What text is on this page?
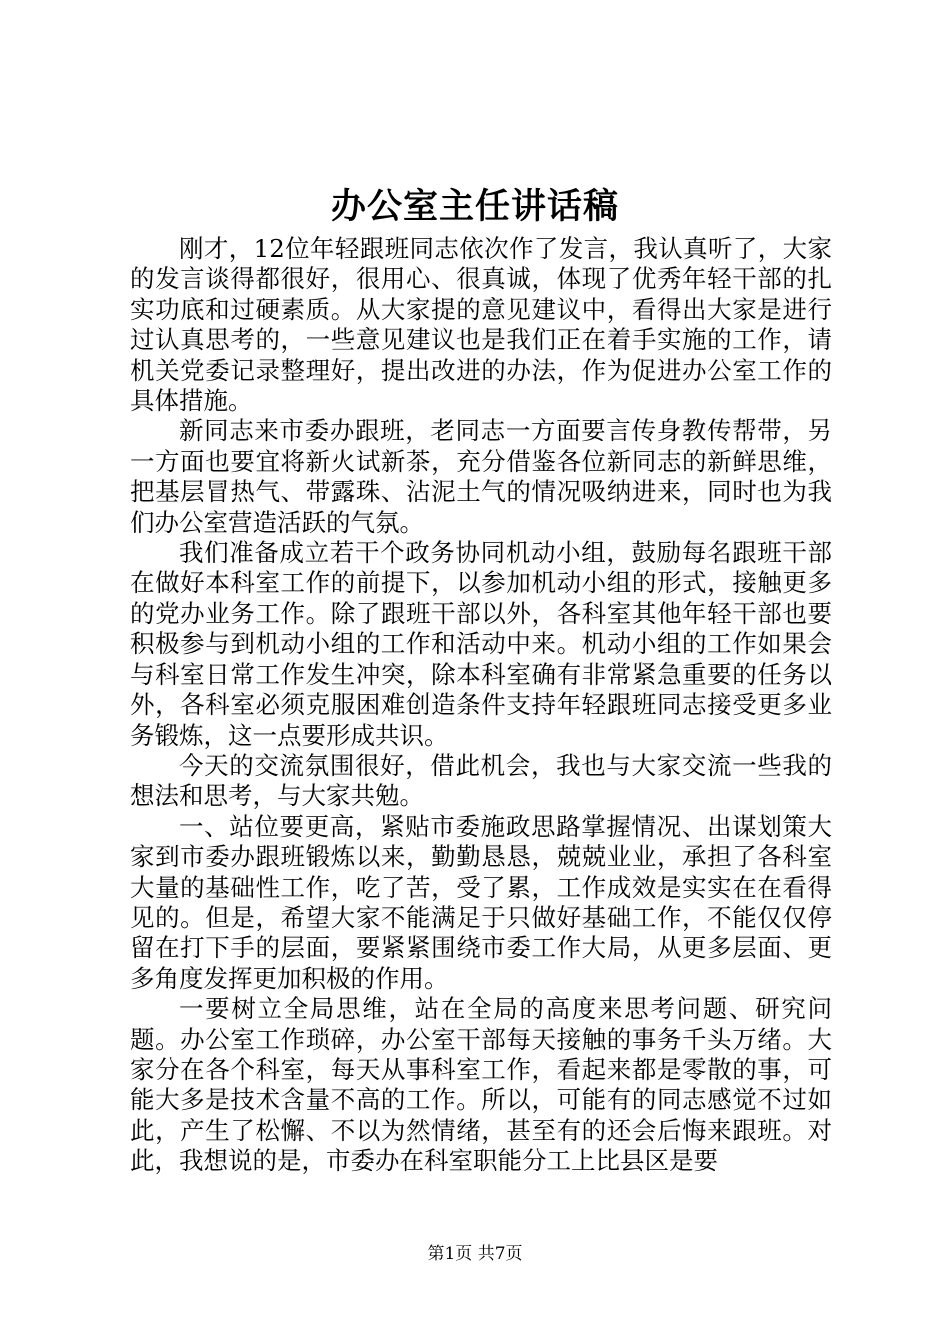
办公室主任讲话稿

刚才，12位年轻跟班同志依次作了发言，我认真听了，大家的发言谈得都很好，很用心、很真诚，体现了优秀年轻干部的扎实功底和过硬素质。从大家提的意见建议中，看得出大家是进行过认真思考的，一些意见建议也是我们正在着手实施的工作，请机关党委记录整理好，提出改进的办法，作为促进办公室工作的具体措施。

新同志来市委办跟班，老同志一方面要言传身教传帮带，另一方面也要宜将新火试新茶，充分借鉴各位新同志的新鲜思维，把基层冒热气、带露珠、沾泥土气的情况吸纳进来，同时也为我们办公室营造活跃的气氛。

我们准备成立若干个政务协同机动小组，鼓励每名跟班干部在做好本科室工作的前提下，以参加机动小组的形式，接触更多的党办业务工作。除了跟班干部以外，各科室其他年轻干部也要积极参与到机动小组的工作和活动中来。机动小组的工作如果会与科室日常工作发生冲突，除本科室确有非常紧急重要的任务以外，各科室必须克服困难创造条件支持年轻跟班同志接受更多业务锻炼，这一点要形成共识。

今天的交流氛围很好，借此机会，我也与大家交流一些我的想法和思考，与大家共勉。

一、站位要更高，紧贴市委施政思路掌握情况、出谋划策大家到市委办跟班锻炼以来，勤勤恳恳，兢兢业业，承担了各科室大量的基础性工作，吃了苦，受了累，工作成效是实实在在看得见的。但是，希望大家不能满足于只做好基础工作，不能仅仅停留在打下手的层面，要紧紧围绕市委工作大局，从更多层面、更多角度发挥更加积极的作用。

一要树立全局思维，站在全局的高度来思考问题、研究问题。办公室工作琐碎，办公室干部每天接触的事务千头万绪。大家分在各个科室，每天从事科室工作，看起来都是零散的事，可能大多是技术含量不高的工作。所以，可能有的同志感觉不过如此，产生了松懈、不以为然情绪，甚至有的还会后悔来跟班。对此，我想说的是，市委办在科室职能分工上比县区是要

第1页 共7页
